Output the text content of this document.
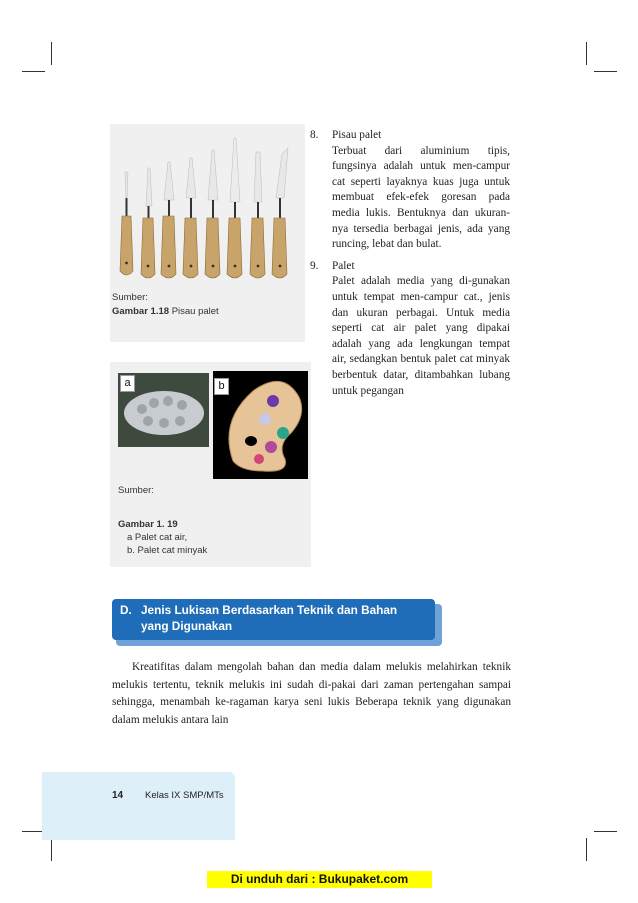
Sumber:
Gambar 1.18 Pisau palet
a	b
Sumber:
Gambar 1. 19
a Palet cat air,
b. Palet cat minyak
8. Pisau palet
Terbuat dari aluminium tipis, fungsinya adalah untuk men-campur cat seperti layaknya kuas juga untuk membuat efek-efek goresan pada media lukis. Bentuknya dan ukuran-nya tersedia berbagai jenis, ada yang runcing, lebat dan bulat.
9. Palet
Palet adalah media yang di-gunakan untuk tempat men-campur cat., jenis dan ukuran perbagai. Untuk media seperti cat air palet yang dipakai adalah yang ada lengkungan tempat air, sedangkan bentuk palet cat minyak berbentuk datar, ditambahkan lubang untuk pegangan
D. Jenis Lukisan Berdasarkan Teknik dan Bahan yang Digunakan
Kreatifitas dalam mengolah bahan dan media dalam melukis melahirkan teknik melukis tertentu, teknik melukis ini sudah di-pakai dari zaman pertengahan sampai sehingga, menambah ke-ragaman karya seni lukis Beberapa teknik yang digunakan dalam melukis antara lain
14 Kelas IX SMP/MTs
Di unduh dari : Bukupaket.com
